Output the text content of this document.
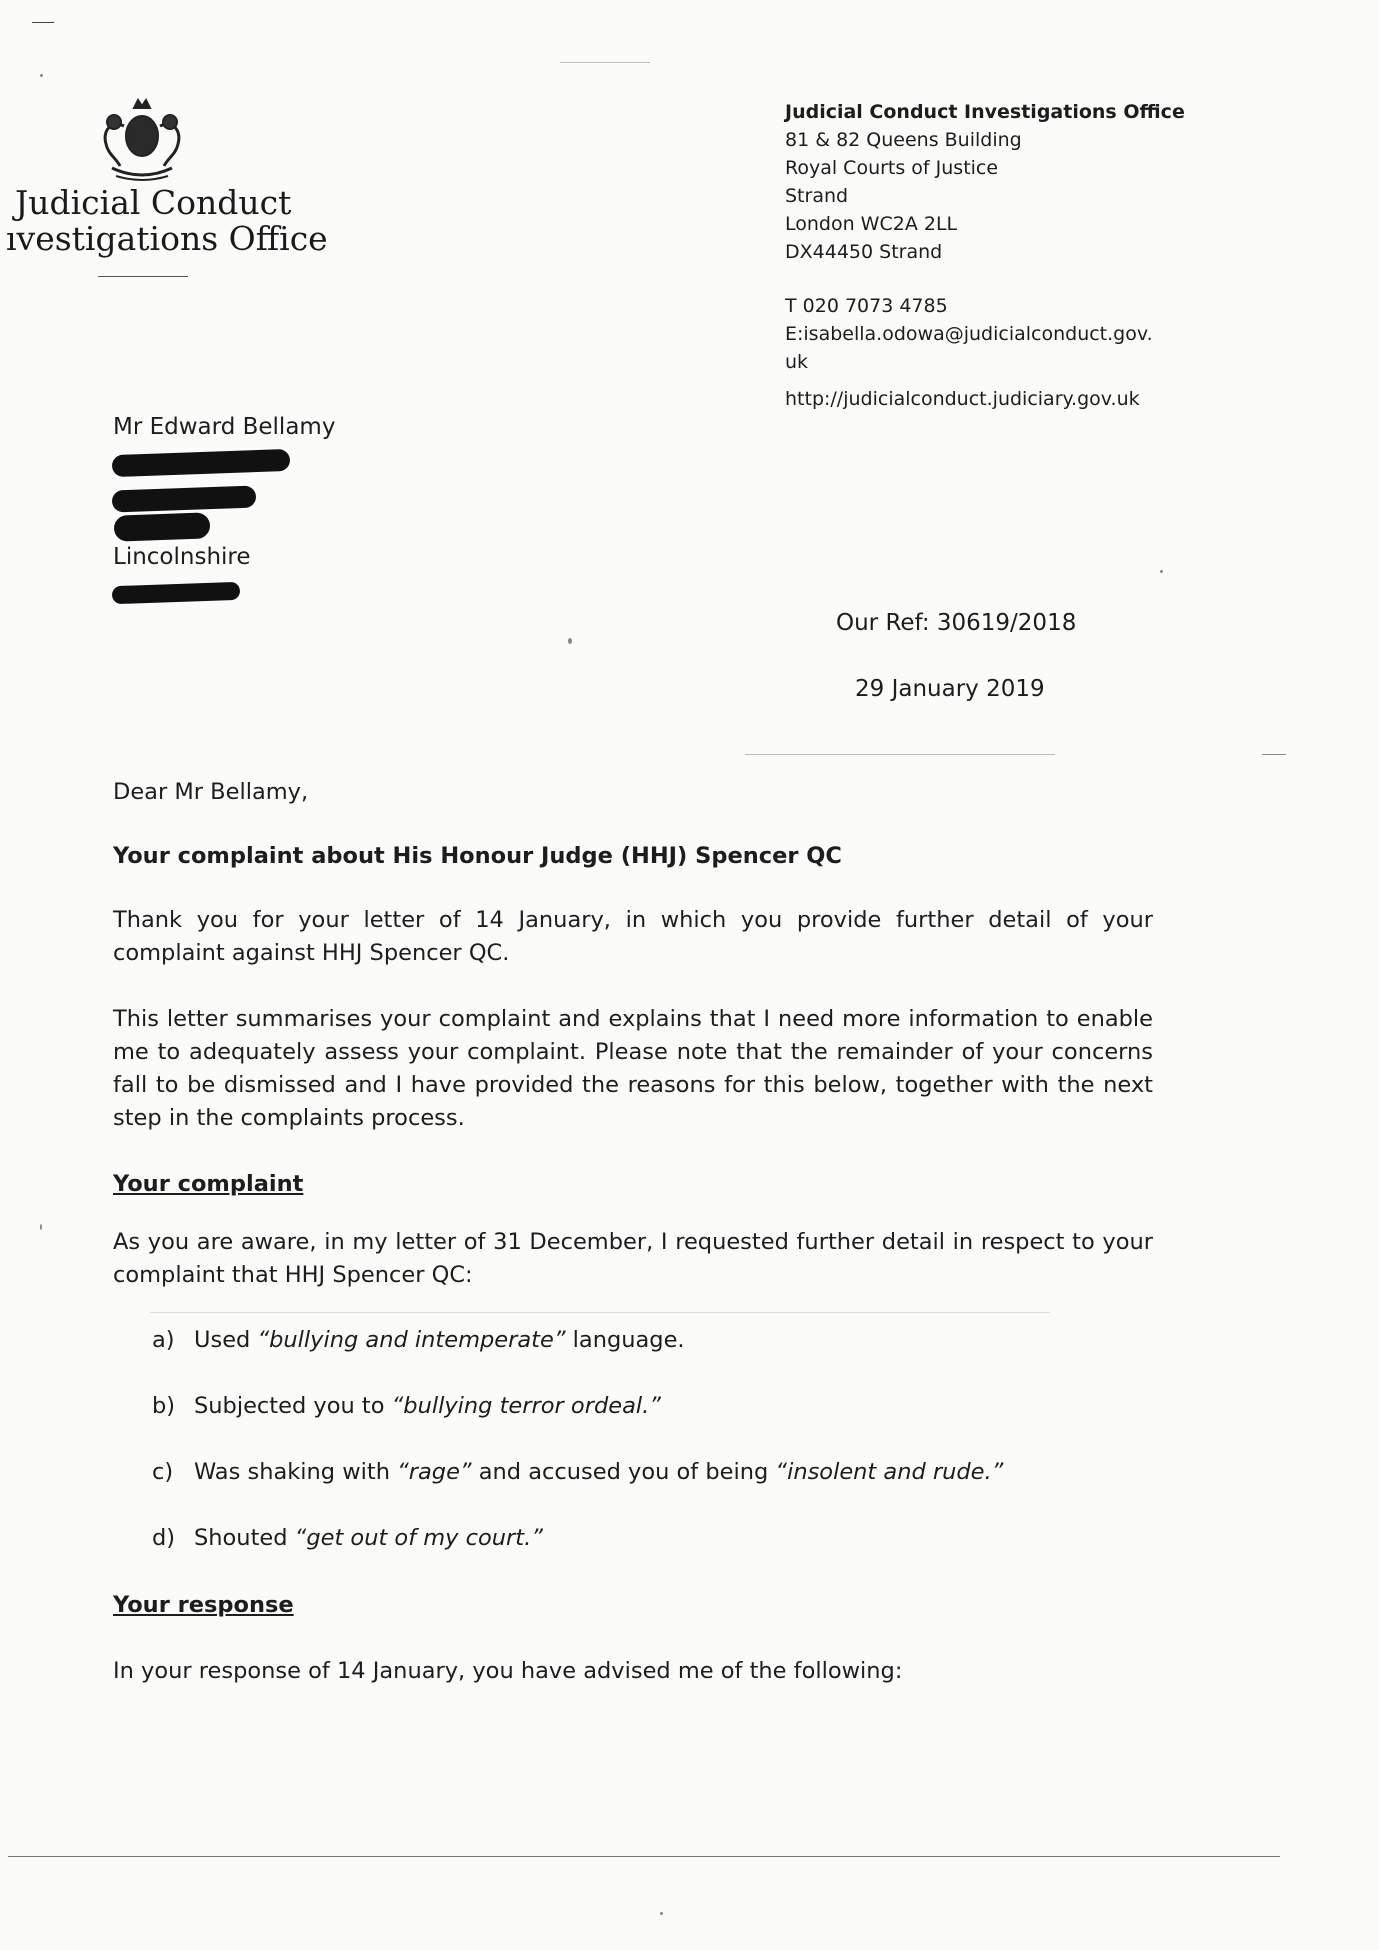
Judicial Conduct
ıvestigations Office
Judicial Conduct Investigations Office
81 & 82 Queens Building
Royal Courts of Justice
Strand
London WC2A 2LL
DX44450 Strand
T 020 7073 4785
E:isabella.odowa@judicialconduct.gov.
uk
http://judicialconduct.judiciary.gov.uk
Mr Edward Bellamy
Lincolnshire
Our Ref: 30619/2018
29 January 2019
Dear Mr Bellamy,
Your complaint about His Honour Judge (HHJ) Spencer QC
Thank you for your letter of 14 January, in which you provide further detail of your complaint against HHJ Spencer QC.
This letter summarises your complaint and explains that I need more information to enable me to adequately assess your complaint. Please note that the remainder of your concerns fall to be dismissed and I have provided the reasons for this below, together with the next step in the complaints process.
Your complaint
As you are aware, in my letter of 31 December, I requested further detail in respect to your complaint that HHJ Spencer QC:
a) Used “bullying and intemperate” language.
b) Subjected you to “bullying terror ordeal.”
c) Was shaking with “rage” and accused you of being “insolent and rude.”
d) Shouted “get out of my court.”
Your response
In your response of 14 January, you have advised me of the following:
